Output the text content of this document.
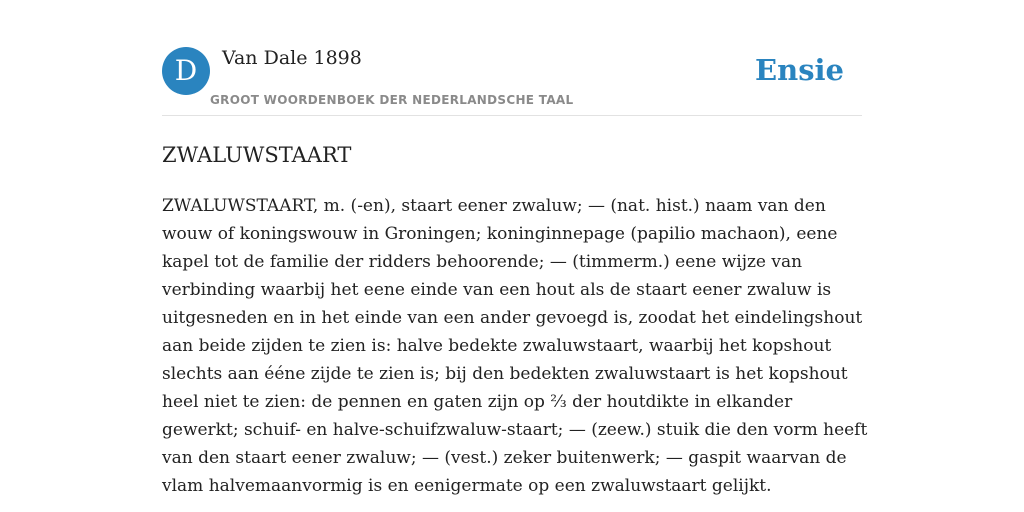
D	Van Dale 1898
GROOT WOORDENBOEK DER NEDERLANDSCHE TAAL
Ensie
ZWALUWSTAART

ZWALUWSTAART, m. (-en), staart eener zwaluw; — (nat. hist.) naam van den wouw of koningswouw in Groningen; koninginnepage (papilio machaon), eene kapel tot de familie der ridders behoorende; — (timmerm.) eene wijze van verbinding waarbij het eene einde van een hout als de staart eener zwaluw is uitgesneden en in het einde van een ander gevoegd is, zoodat het eindelingshout aan beide zijden te zien is: halve bedekte zwaluwstaart, waarbij het kopshout slechts aan ééne zijde te zien is; bij den bedekten zwaluwstaart is het kopshout heel niet te zien: de pennen en gaten zijn op ⅔ der houtdikte in elkander gewerkt; schuif- en halve-schuifzwaluw-staart; — (zeew.) stuik die den vorm heeft van den staart eener zwaluw; — (vest.) zeker buitenwerk; — gaspit waarvan de vlam halvemaanvormig is en eenigermate op een zwaluwstaart gelijkt.
